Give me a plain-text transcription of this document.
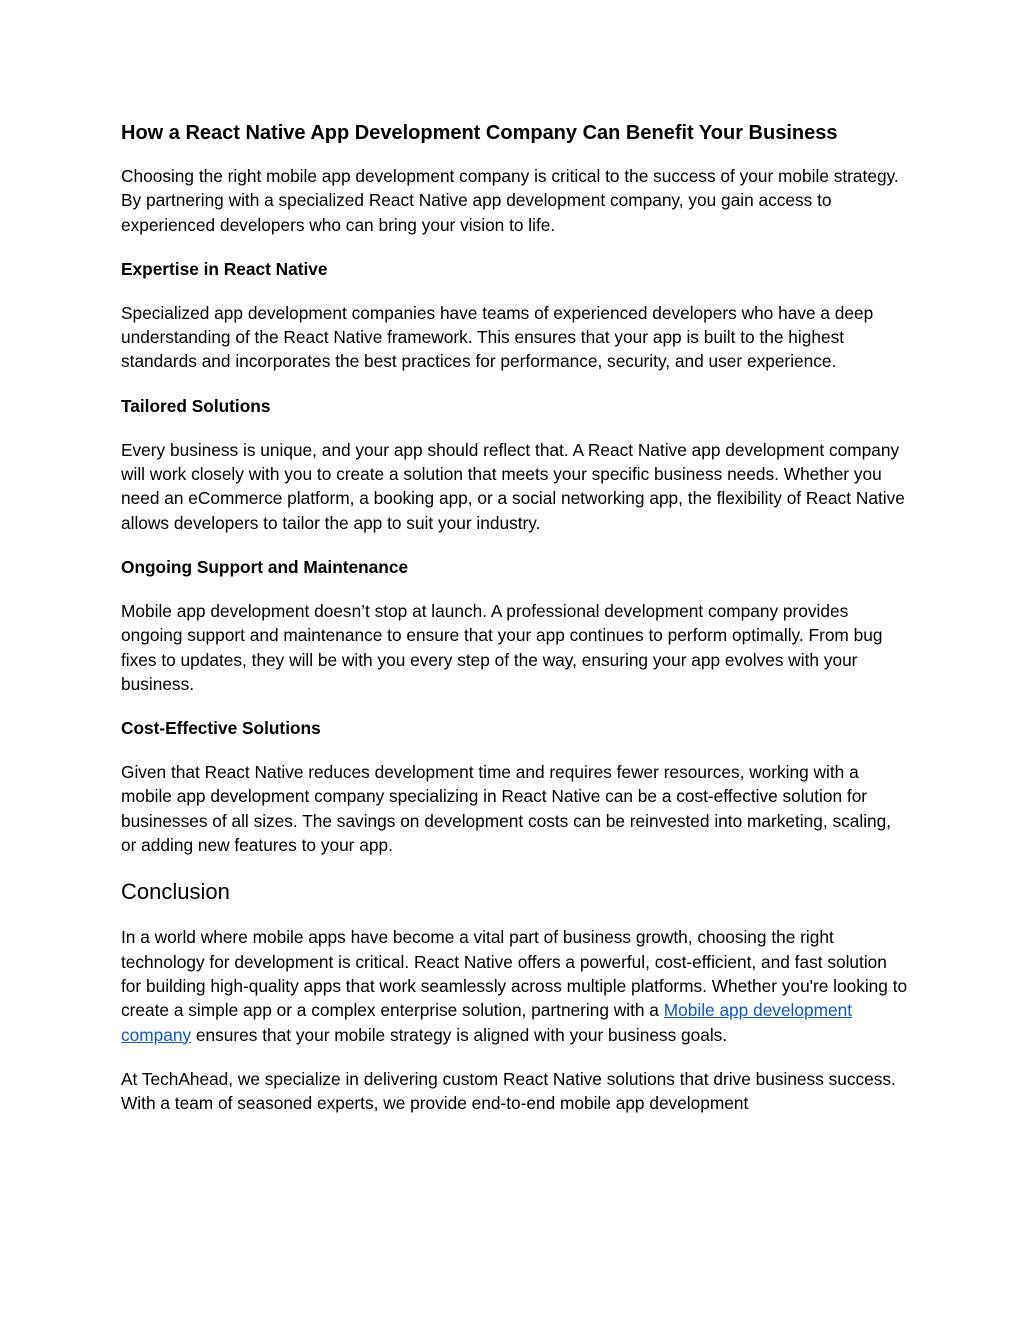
How a React Native App Development Company Can Benefit Your Business

Choosing the right mobile app development company is critical to the success of your mobile strategy. By partnering with a specialized React Native app development company, you gain access to experienced developers who can bring your vision to life.

Expertise in React Native

Specialized app development companies have teams of experienced developers who have a deep understanding of the React Native framework. This ensures that your app is built to the highest standards and incorporates the best practices for performance, security, and user experience.

Tailored Solutions

Every business is unique, and your app should reflect that. A React Native app development company will work closely with you to create a solution that meets your specific business needs. Whether you need an eCommerce platform, a booking app, or a social networking app, the flexibility of React Native allows developers to tailor the app to suit your industry.

Ongoing Support and Maintenance

Mobile app development doesn’t stop at launch. A professional development company provides ongoing support and maintenance to ensure that your app continues to perform optimally. From bug fixes to updates, they will be with you every step of the way, ensuring your app evolves with your business.

Cost-Effective Solutions

Given that React Native reduces development time and requires fewer resources, working with a mobile app development company specializing in React Native can be a cost-effective solution for businesses of all sizes. The savings on development costs can be reinvested into marketing, scaling, or adding new features to your app.

Conclusion

In a world where mobile apps have become a vital part of business growth, choosing the right technology for development is critical. React Native offers a powerful, cost-efficient, and fast solution for building high-quality apps that work seamlessly across multiple platforms. Whether you're looking to create a simple app or a complex enterprise solution, partnering with a Mobile app development company ensures that your mobile strategy is aligned with your business goals.

At TechAhead, we specialize in delivering custom React Native solutions that drive business success. With a team of seasoned experts, we provide end-to-end mobile app development
